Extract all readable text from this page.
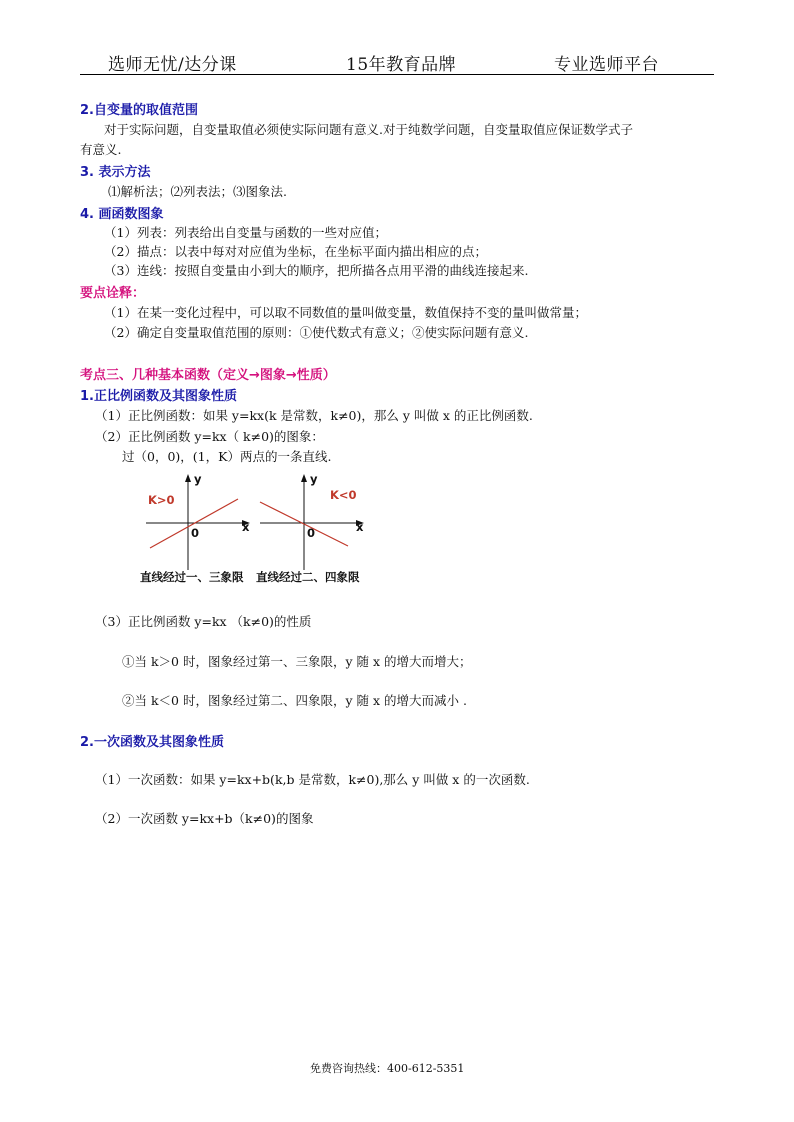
选师无忧/达分课	15年教育品牌	专业选师平台
2.自变量的取值范围
对于实际问题，自变量取值必须使实际问题有意义.对于纯数学问题，自变量取值应保证数学式子
有意义.
3. 表示方法
⑴解析法；⑵列表法；⑶图象法.
4. 画函数图象
（1）列表：列表给出自变量与函数的一些对应值；
（2）描点：以表中每对对应值为坐标，在坐标平面内描出相应的点；
（3）连线：按照自变量由小到大的顺序，把所描各点用平滑的曲线连接起来.
要点诠释：
（1）在某一变化过程中，可以取不同数值的量叫做变量，数值保持不变的量叫做常量；
（2）确定自变量取值范围的原则：①使代数式有意义；②使实际问题有意义.
考点三、几种基本函数（定义→图象→性质）
1.正比例函数及其图象性质
（1）正比例函数：如果 y=kx(k 是常数，k≠0)，那么 y 叫做 x 的正比例函数.
（2）正比例函数 y=kx（ k≠0)的图象：
过（0，0)，(1，K）两点的一条直线.
K>0
y
x
0
直线经过一、三象限
K<0
y
x
0
直线经过二、四象限
（3）正比例函数 y=kx （k≠0)的性质
①当 k＞0 时，图象经过第一、三象限，y 随 x 的增大而增大；
②当 k＜0 时，图象经过第二、四象限，y 随 x 的增大而减小 .
2.一次函数及其图象性质
（1）一次函数：如果 y=kx+b(k,b 是常数，k≠0),那么 y 叫做 x 的一次函数.
（2）一次函数 y=kx+b（k≠0)的图象
免费咨询热线：400-612-5351
